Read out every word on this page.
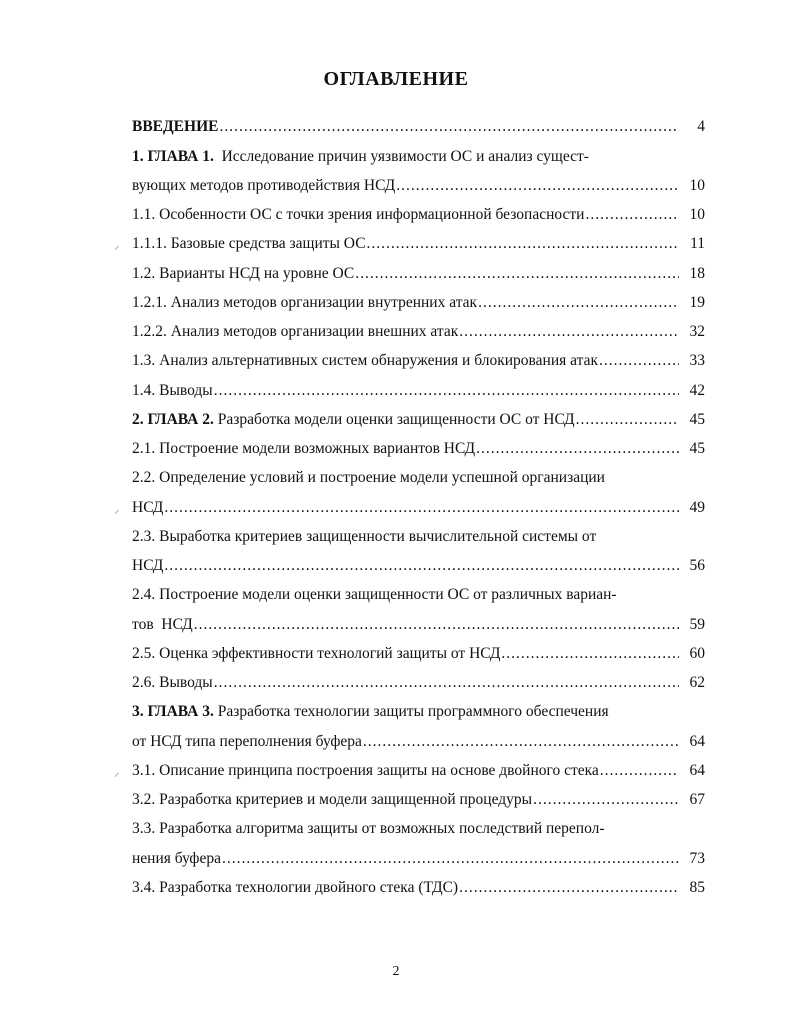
ОГЛАВЛЕНИЕ
ВВЕДЕНИЕ .....	4
1. ГЛАВА 1.  Исследование причин уязвимости ОС и анализ сущест-
вующих методов противодействия НСД .....	10
1.1. Особенности ОС с точки зрения информационной безопасности .....	10
1.1.1. Базовые средства защиты ОС .....	11
1.2. Варианты НСД на уровне ОС .....	18
1.2.1. Анализ методов организации внутренних атак .....	19
1.2.2. Анализ методов организации внешних атак .....	32
1.3. Анализ альтернативных систем обнаружения и блокирования атак .....	33
1.4. Выводы .....	42
2. ГЛАВА 2. Разработка модели оценки защищенности ОС от НСД .....	45
2.1. Построение модели возможных вариантов НСД .....	45
2.2. Определение условий и построение модели успешной организации
НСД .....	49
2.3. Выработка критериев защищенности вычислительной системы от
НСД .....	56
2.4. Построение модели оценки защищенности ОС от различных вариан-
тов  НСД .....	59
2.5. Оценка эффективности технологий защиты от НСД .....	60
2.6. Выводы .....	62
3. ГЛАВА 3. Разработка технологии защиты программного обеспечения
от НСД типа переполнения буфера .....	64
3.1. Описание принципа построения защиты на основе двойного стека .....	64
3.2. Разработка критериев и модели защищенной процедуры .....	67
3.3. Разработка алгоритма защиты от возможных последствий перепол-
нения буфера .....	73
3.4. Разработка технологии двойного стека (ТДС) .....	85
⸝
⸝
⸝
2
